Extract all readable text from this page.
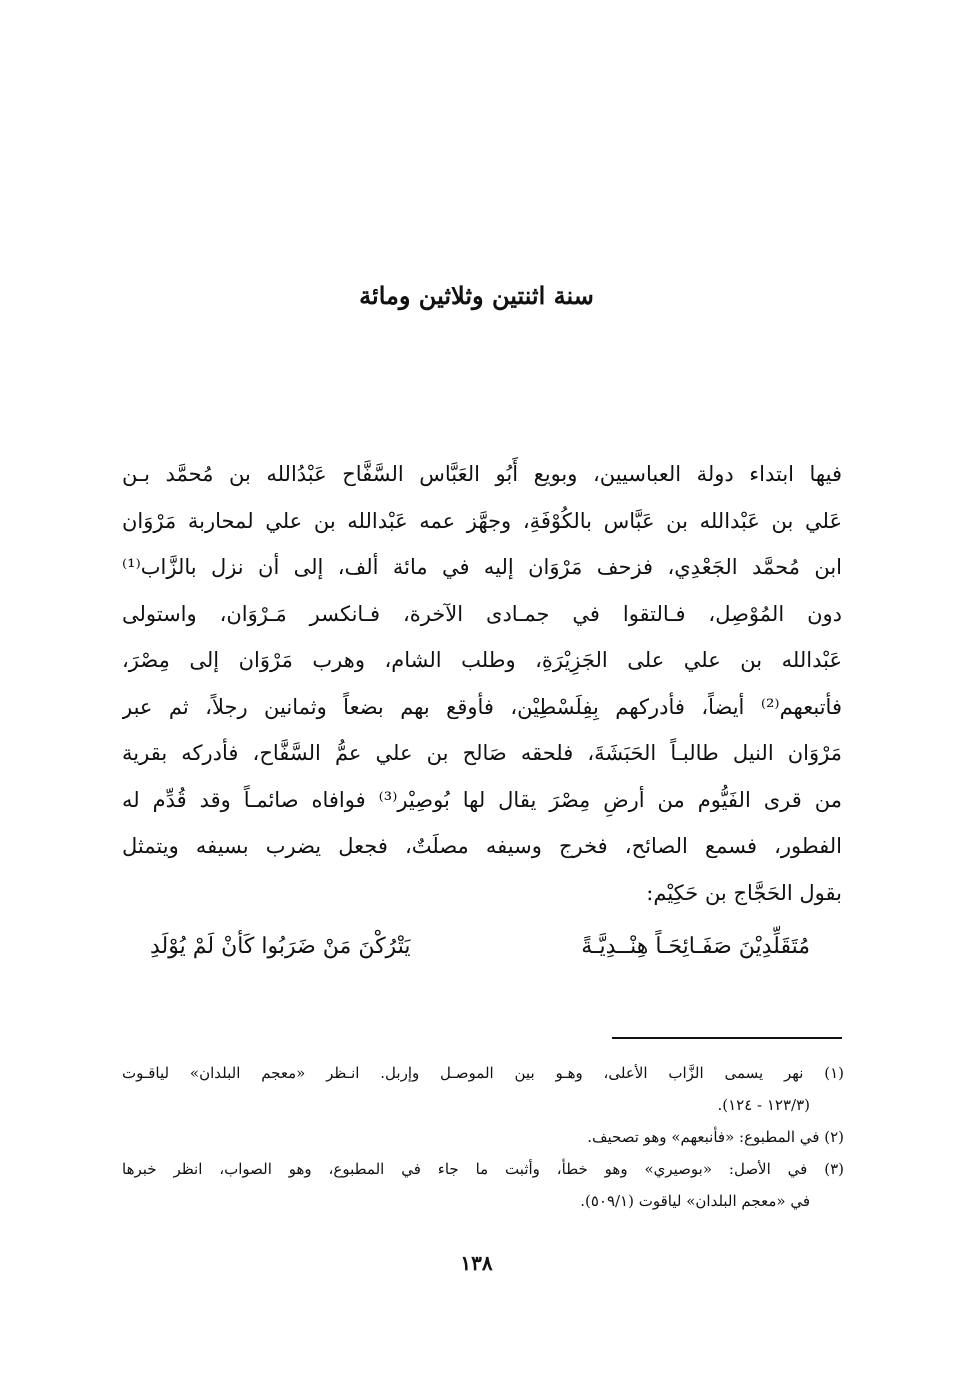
سنة اثنتين وثلاثين ومائة
فيها ابتداء دولة العباسيين، وبويع أَبُو العَبَّاس السَّفَّاح عَبْدُالله بن مُحمَّد بـن
عَلي بن عَبْدالله بن عَبَّاس بالكُوْفَةِ، وجهَّز عمه عَبْدالله بن علي لمحاربة مَرْوَان
ابن مُحمَّد الجَعْدِي، فزحف مَرْوَان إليه في مائة ألف، إلى أن نزل بالزَّاب⁽¹⁾
دون المُوْصِل، فـالتقوا في جمـادى الآخرة، فـانكسر مَـرْوَان، واستولى
عَبْدالله بن علي على الجَزِيْرَةِ، وطلب الشام، وهرب مَرْوَان إلى مِصْرَ،
فأتبعهم⁽²⁾ أيضاً، فأدركهم بِفِلَسْطِيْن، فأوقع بهم بضعاً وثمانين رجلاً، ثم عبر
مَرْوَان النيل طالبـاً الحَبَشَةَ، فلحقه صَالح بن علي عمُّ السَّفَّاح، فأدركه بقرية
من قرى الفَيُّوم من أرضِ مِصْرَ يقال لها بُوصِيْر⁽³⁾ فوافاه صائمـاً وقد قُدِّم له
الفطور، فسمع الصائح، فخرج وسيفه مصلَتٌ، فجعل يضرب بسيفه ويتمثل
بقول الحَجَّاج بن حَكِيْم:
مُتَقَلِّدِيْنَ صَفَـائِحَـاً هِنْــدِيَّـةً
يَتْرُكْنَ مَنْ ضَرَبُوا كَأنْ لَمْ يُوْلَدِ
(١) نهر يسمى الزَّاب الأعلى، وهـو بين الموصـل وإربل. انـظر «معجم البلدان» لياقـوت
(١٢٣/٣ - ١٢٤).
(٢) في المطبوع: «فأنبعهم» وهو تصحيف.
(٣) في الأصل: «بوصيري» وهو خطأ، وأثبت ما جاء في المطبوع، وهو الصواب، انظر خبرها
في «معجم البلدان» لياقوت (٥٠٩/١).
١٣٨
